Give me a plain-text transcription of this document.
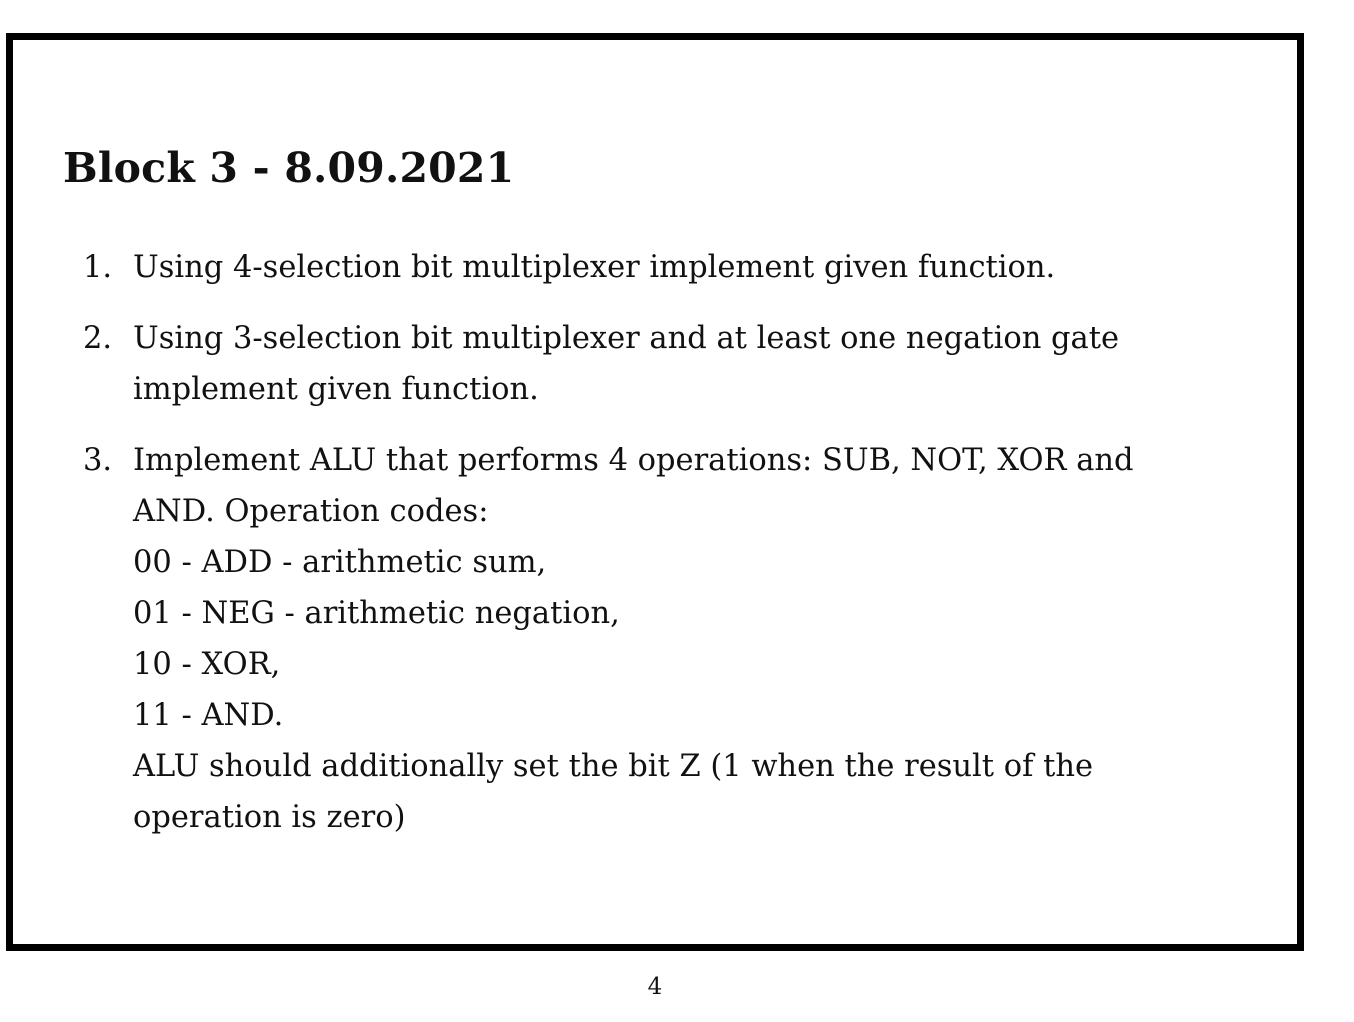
Block 3 - 8.09.2021
1. Using 4-selection bit multiplexer implement given function.
2. Using 3-selection bit multiplexer and at least one negation gate
implement given function.
3. Implement ALU that performs 4 operations: SUB, NOT, XOR and
AND. Operation codes:
00 - ADD - arithmetic sum,
01 - NEG - arithmetic negation,
10 - XOR,
11 - AND.
ALU should additionally set the bit Z (1 when the result of the
operation is zero)
4
